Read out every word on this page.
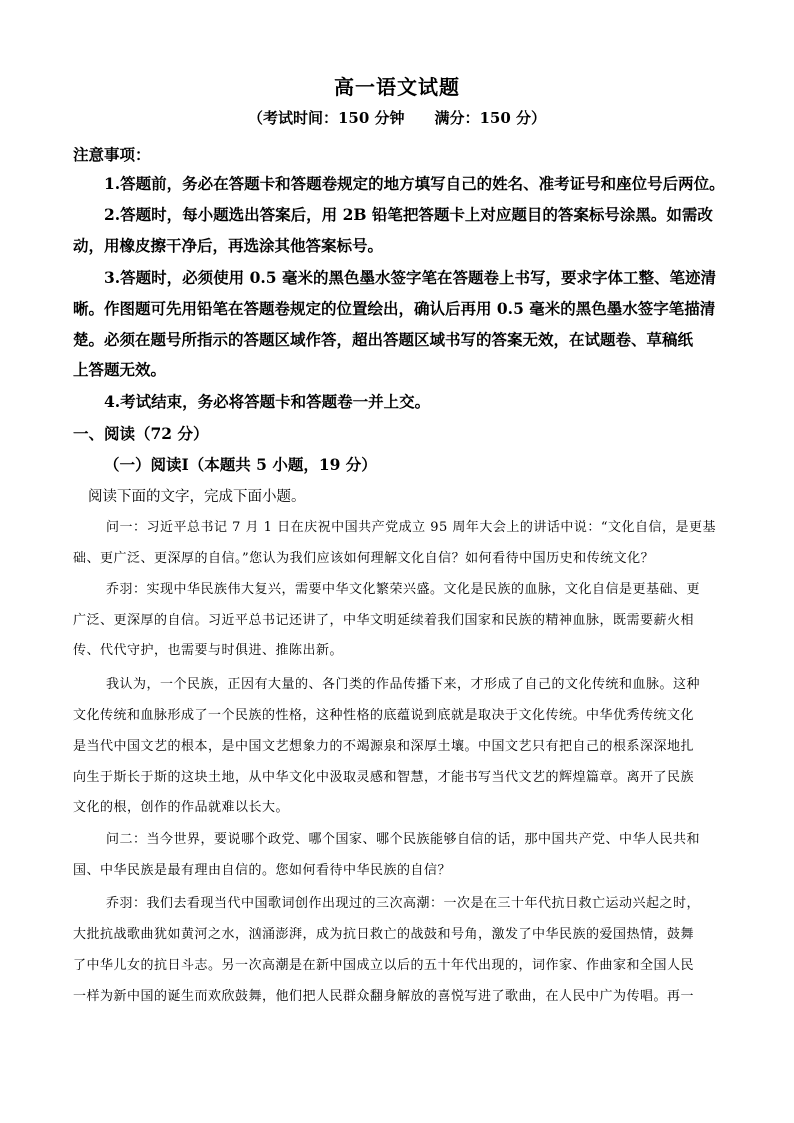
高一语文试题
（考试时间：150 分钟　　满分：150 分）
注意事项：
1.答题前，务必在答题卡和答题卷规定的地方填写自己的姓名、准考证号和座位号后两位。
2.答题时，每小题选出答案后，用 2B 铅笔把答题卡上对应题目的答案标号涂黑。如需改
动，用橡皮擦干净后，再选涂其他答案标号。
3.答题时，必须使用 0.5 毫米的黑色墨水签字笔在答题卷上书写，要求字体工整、笔迹清
晰。作图题可先用铅笔在答题卷规定的位置绘出，确认后再用 0.5 毫米的黑色墨水签字笔描清
楚。必须在题号所指示的答题区域作答，超出答题区域书写的答案无效，在试题卷、草稿纸
上答题无效。
4.考试结束，务必将答题卡和答题卷一并上交。
一、阅读（72 分）
（一）阅读Ⅰ（本题共 5 小题，19 分）
阅读下面的文字，完成下面小题。
问一：习近平总书记 7 月 1 日在庆祝中国共产党成立 95 周年大会上的讲话中说：“文化自信，是更基
础、更广泛、更深厚的自信。”您认为我们应该如何理解文化自信？如何看待中国历史和传统文化？
乔羽：实现中华民族伟大复兴，需要中华文化繁荣兴盛。文化是民族的血脉，文化自信是更基础、更
广泛、更深厚的自信。习近平总书记还讲了，中华文明延续着我们国家和民族的精神血脉，既需要薪火相
传、代代守护，也需要与时俱进、推陈出新。
我认为，一个民族，正因有大量的、各门类的作品传播下来，才形成了自己的文化传统和血脉。这种
文化传统和血脉形成了一个民族的性格，这种性格的底蕴说到底就是取决于文化传统。中华优秀传统文化
是当代中国文艺的根本，是中国文艺想象力的不竭源泉和深厚土壤。中国文艺只有把自己的根系深深地扎
向生于斯长于斯的这块土地，从中华文化中汲取灵感和智慧，才能书写当代文艺的辉煌篇章。离开了民族
文化的根，创作的作品就难以长大。
问二：当今世界，要说哪个政党、哪个国家、哪个民族能够自信的话，那中国共产党、中华人民共和
国、中华民族是最有理由自信的。您如何看待中华民族的自信？
乔羽：我们去看现当代中国歌词创作出现过的三次高潮：一次是在三十年代抗日救亡运动兴起之时，
大批抗战歌曲犹如黄河之水，汹涌澎湃，成为抗日救亡的战鼓和号角，激发了中华民族的爱国热情，鼓舞
了中华儿女的抗日斗志。另一次高潮是在新中国成立以后的五十年代出现的，词作家、作曲家和全国人民
一样为新中国的诞生而欢欣鼓舞，他们把人民群众翻身解放的喜悦写进了歌曲，在人民中广为传唱。再一
